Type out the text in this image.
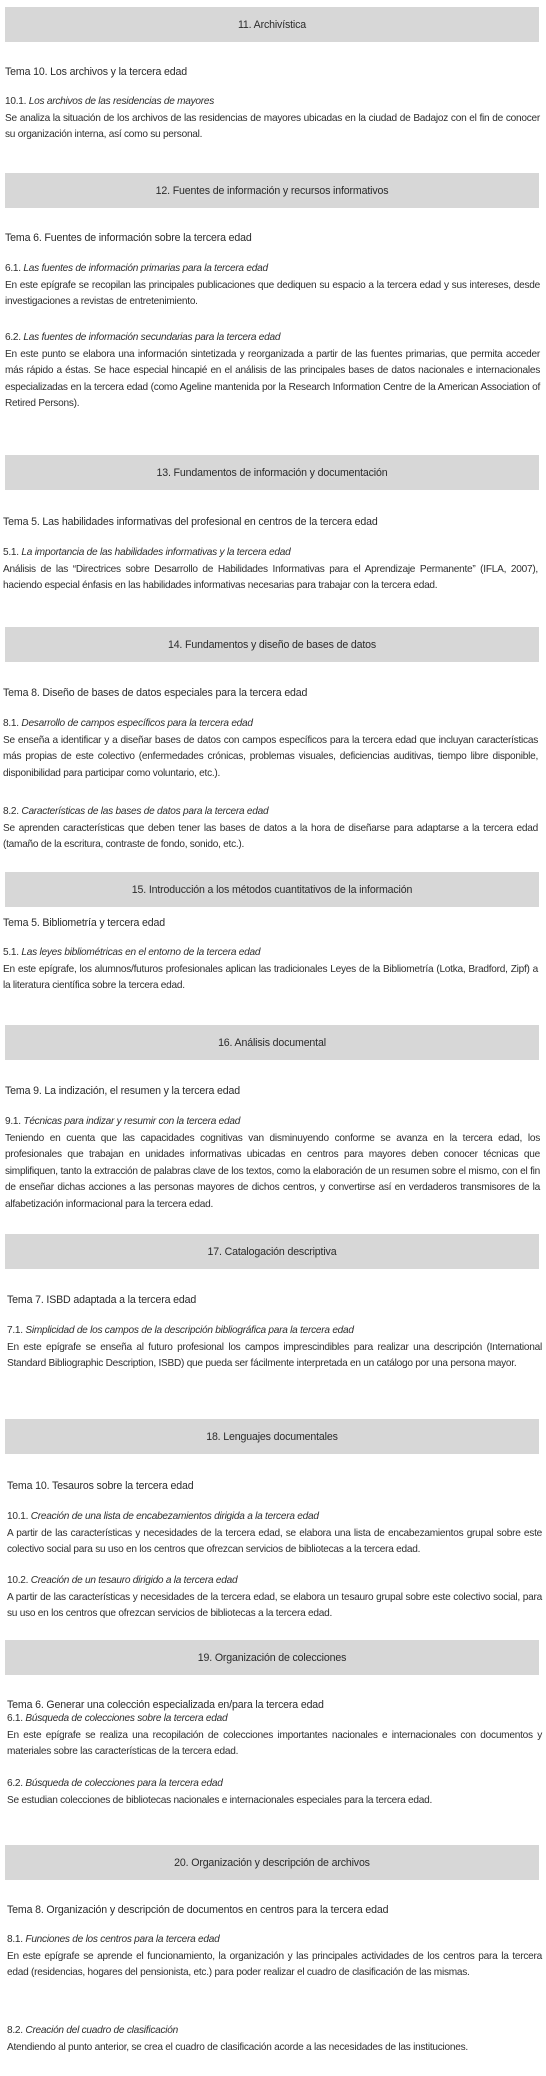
11. Archivística
Tema 10. Los archivos y la tercera edad
10.1. Los archivos de las residencias de mayores
Se analiza la situación de los archivos de las residencias de mayores ubicadas en la ciudad de Badajoz con el fin de conocer su organización interna, así como su personal.
12. Fuentes de información y recursos informativos
Tema 6. Fuentes de información sobre la tercera edad
6.1. Las fuentes de información primarias para la tercera edad
En este epígrafe se recopilan las principales publicaciones que dediquen su espacio a la tercera edad y sus intereses, desde investigaciones a revistas de entretenimiento.
6.2. Las fuentes de información secundarias para la tercera edad
En este punto se elabora una información sintetizada y reorganizada a partir de las fuentes primarias, que permita acceder más rápido a éstas. Se hace especial hincapié en el análisis de las principales bases de datos nacionales e internacionales especializadas en la tercera edad (como Ageline mantenida por la Research Information Centre de la American Association of Retired Persons).
13. Fundamentos de información y documentación
Tema 5. Las habilidades informativas del profesional en centros de la tercera edad
5.1. La importancia de las habilidades informativas y la tercera edad
Análisis de las “Directrices sobre Desarrollo de Habilidades Informativas para el Aprendizaje Permanente” (IFLA, 2007), haciendo especial énfasis en las habilidades informativas necesarias para trabajar con la tercera edad.
14. Fundamentos y diseño de bases de datos
Tema 8. Diseño de bases de datos especiales para la tercera edad
8.1. Desarrollo de campos específicos para la tercera edad
Se enseña a identificar y a diseñar bases de datos con campos específicos para la tercera edad que incluyan características más propias de este colectivo (enfermedades crónicas, problemas visuales, deficiencias auditivas, tiempo libre disponible, disponibilidad para participar como voluntario, etc.).
8.2. Características de las bases de datos para la tercera edad
Se aprenden características que deben tener las bases de datos a la hora de diseñarse para adaptarse a la tercera edad (tamaño de la escritura, contraste de fondo, sonido, etc.).
15. Introducción a los métodos cuantitativos de la información
Tema 5. Bibliometría y tercera edad
5.1. Las leyes bibliométricas en el entorno de la tercera edad
En este epígrafe, los alumnos/futuros profesionales aplican las tradicionales Leyes de la Bibliometría (Lotka, Bradford, Zipf) a la literatura científica sobre la tercera edad.
16. Análisis documental
Tema 9. La indización, el resumen y la tercera edad
9.1. Técnicas para indizar y resumir con la tercera edad
Teniendo en cuenta que las capacidades cognitivas van disminuyendo conforme se avanza en la tercera edad, los profesionales que trabajan en unidades informativas ubicadas en centros para mayores deben conocer técnicas que simplifiquen, tanto la extracción de palabras clave de los textos, como la elaboración de un resumen sobre el mismo, con el fin de enseñar dichas acciones a las personas mayores de dichos centros, y convertirse así en verdaderos transmisores de la alfabetización informacional para la tercera edad.
17. Catalogación descriptiva
Tema 7. ISBD adaptada a la tercera edad
7.1. Simplicidad de los campos de la descripción bibliográfica para la tercera edad
En este epígrafe se enseña al futuro profesional los campos imprescindibles para realizar una descripción (International Standard Bibliographic Description, ISBD) que pueda ser fácilmente interpretada en un catálogo por una persona mayor.
18. Lenguajes documentales
Tema 10. Tesauros sobre la tercera edad
10.1. Creación de una lista de encabezamientos dirigida a la tercera edad
A partir de las características y necesidades de la tercera edad, se elabora una lista de encabezamientos grupal sobre este colectivo social para su uso en los centros que ofrezcan servicios de bibliotecas a la tercera edad.
10.2. Creación de un tesauro dirigido a la tercera edad
A partir de las características y necesidades de la tercera edad, se elabora un tesauro grupal sobre este colectivo social, para su uso en los centros que ofrezcan servicios de bibliotecas a la tercera edad.
19. Organización de colecciones
Tema 6. Generar una colección especializada en/para la tercera edad
6.1. Búsqueda de colecciones sobre la tercera edad
En este epígrafe se realiza una recopilación de colecciones importantes nacionales e internacionales con documentos y materiales sobre las características de la tercera edad.
6.2. Búsqueda de colecciones para la tercera edad
Se estudian colecciones de bibliotecas nacionales e internacionales especiales para la tercera edad.
20. Organización y descripción de archivos
Tema 8. Organización y descripción de documentos en centros para la tercera edad
8.1. Funciones de los centros para la tercera edad
En este epígrafe se aprende el funcionamiento, la organización y las principales actividades de los centros para la tercera edad (residencias, hogares del pensionista, etc.) para poder realizar el cuadro de clasificación de las mismas.
8.2. Creación del cuadro de clasificación
Atendiendo al punto anterior, se crea el cuadro de clasificación acorde a las necesidades de las instituciones.
